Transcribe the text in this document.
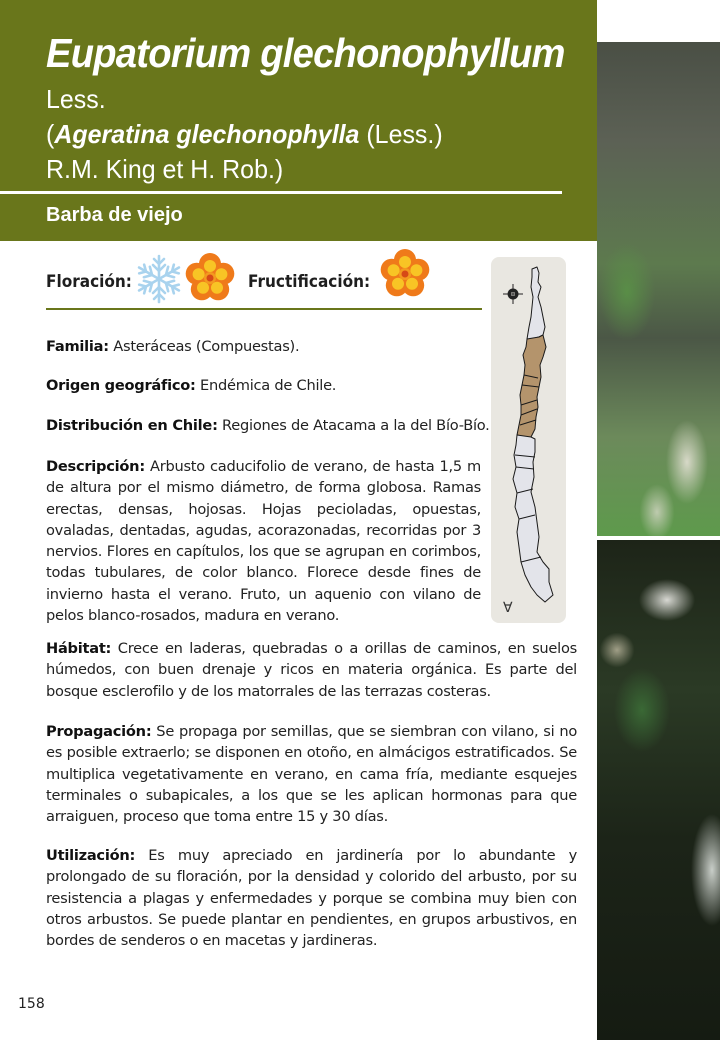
Eupatorium glechonophyllum
Less.
(Ageratina glechonophylla (Less.)
R.M. King et H. Rob.)
Barba de viejo
Floración:	Fructificación:
∀

Familia: Asteráceas (Compuestas).

Origen geográfico: Endémica de Chile.

Distribución en Chile: Regiones de Atacama a la del Bío-Bío.

Descripción: Arbusto caducifolio de verano, de hasta 1,5 m de altura por el mismo diámetro, de forma globosa. Ramas erectas, densas, hojosas. Hojas pecioladas, opuestas, ovaladas, dentadas, agudas, acorazonadas, recorridas por 3 nervios. Flores en capítulos, los que se agrupan en corimbos, todas tubulares, de color blanco. Florece desde fines de invierno hasta el verano. Fruto, un aquenio con vilano de pelos blanco-rosados, madura en verano.

Hábitat: Crece en laderas, quebradas o a orillas de caminos, en suelos húmedos, con buen drenaje y ricos en materia orgánica. Es parte del bosque esclerofilo y de los matorrales de las terrazas costeras.

Propagación: Se propaga por semillas, que se siembran con vilano, si no es posible extraerlo; se disponen en otoño, en almácigos estratificados. Se multiplica vegetativamente en verano, en cama fría, mediante esquejes terminales o subapicales, a los que se les aplican hormonas para que arraiguen, proceso que toma entre 15 y 30 días.

Utilización: Es muy apreciado en jardinería por lo abundante y prolongado de su floración, por la densidad y colorido del arbusto, por su resistencia a plagas y enfermedades y porque se combina muy bien con otros arbustos. Se puede plantar en pendientes, en grupos arbustivos, en bordes de senderos o en macetas y jardineras.

158
